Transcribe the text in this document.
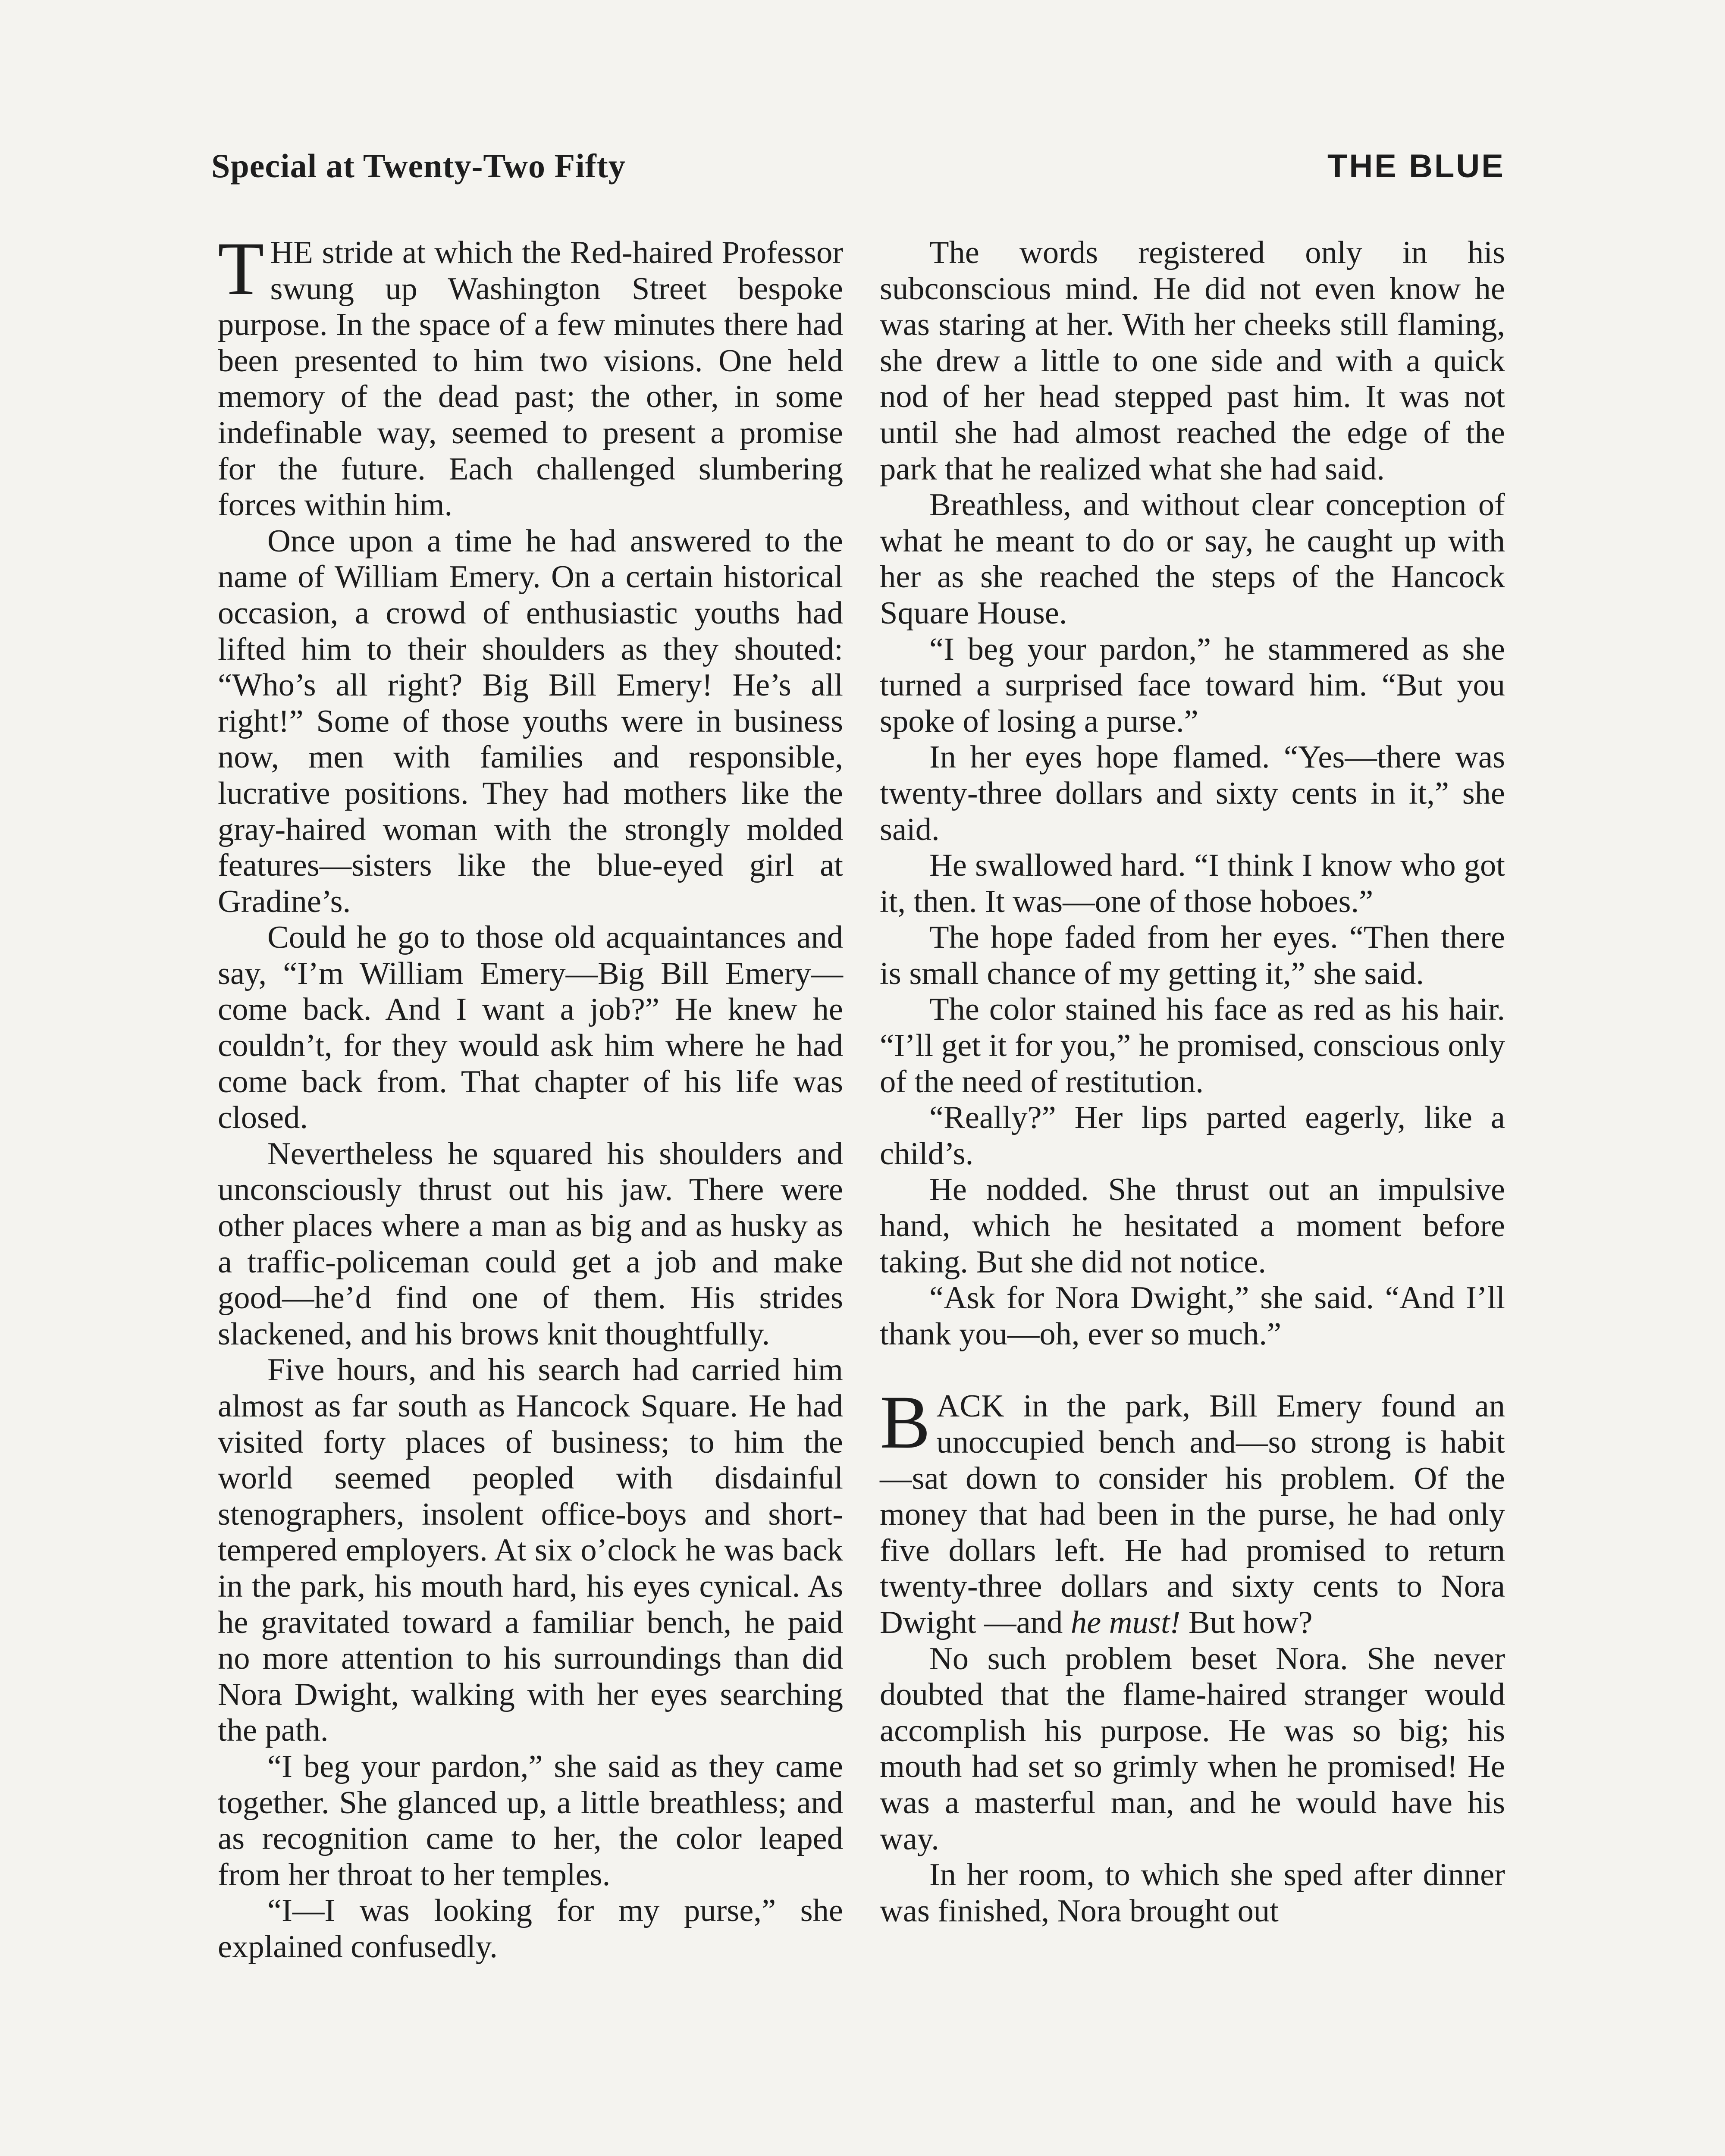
Special at Twenty-Two Fifty	THE BLUE

THE stride at which the Red-haired Professor swung up Washington Street bespoke purpose. In the space of a few minutes there had been presented to him two visions. One held memory of the dead past; the other, in some indefinable way, seemed to present a promise for the future. Each challenged slumbering forces within him.

Once upon a time he had answered to the name of William Emery. On a certain historical occasion, a crowd of enthusiastic youths had lifted him to their shoulders as they shouted: “Who’s all right? Big Bill Emery! He’s all right!” Some of those youths were in business now, men with families and responsible, lucrative positions. They had mothers like the gray-haired woman with the strongly molded features—sisters like the blue-eyed girl at Gradine’s.

Could he go to those old acquaintances and say, “I’m William Emery—Big Bill Emery—come back. And I want a job?” He knew he couldn’t, for they would ask him where he had come back from. That chapter of his life was closed.

Nevertheless he squared his shoulders and unconsciously thrust out his jaw. There were other places where a man as big and as husky as a traffic-policeman could get a job and make good—he’d find one of them. His strides slackened, and his brows knit thoughtfully.

Five hours, and his search had carried him almost as far south as Hancock Square. He had visited forty places of business; to him the world seemed peopled with disdainful stenographers, insolent office-boys and short-tempered employers. At six o’clock he was back in the park, his mouth hard, his eyes cynical. As he gravitated toward a familiar bench, he paid no more attention to his surroundings than did Nora Dwight, walking with her eyes searching the path.

“I beg your pardon,” she said as they came together. She glanced up, a little breathless; and as recognition came to her, the color leaped from her throat to her temples.

“I—I was looking for my purse,” she explained confusedly.

The words registered only in his subconscious mind. He did not even know he was staring at her. With her cheeks still flaming, she drew a little to one side and with a quick nod of her head stepped past him. It was not until she had almost reached the edge of the park that he realized what she had said.

Breathless, and without clear conception of what he meant to do or say, he caught up with her as she reached the steps of the Hancock Square House.

“I beg your pardon,” he stammered as she turned a surprised face toward him. “But you spoke of losing a purse.”

In her eyes hope flamed. “Yes—there was twenty-three dollars and sixty cents in it,” she said.

He swallowed hard. “I think I know who got it, then. It was—one of those hoboes.”

The hope faded from her eyes. “Then there is small chance of my getting it,” she said.

The color stained his face as red as his hair. “I’ll get it for you,” he promised, conscious only of the need of restitution.

“Really?” Her lips parted eagerly, like a child’s.

He nodded. She thrust out an impulsive hand, which he hesitated a moment before taking. But she did not notice.

“Ask for Nora Dwight,” she said. “And I’ll thank you—oh, ever so much.”

BACK in the park, Bill Emery found an unoccupied bench and—so strong is habit—sat down to consider his problem. Of the money that had been in the purse, he had only five dollars left. He had promised to return twenty-three dollars and sixty cents to Nora Dwight —and he must! But how?

No such problem beset Nora. She never doubted that the flame-haired stranger would accomplish his purpose. He was so big; his mouth had set so grimly when he promised! He was a masterful man, and he would have his way.

In her room, to which she sped after dinner was finished, Nora brought out
